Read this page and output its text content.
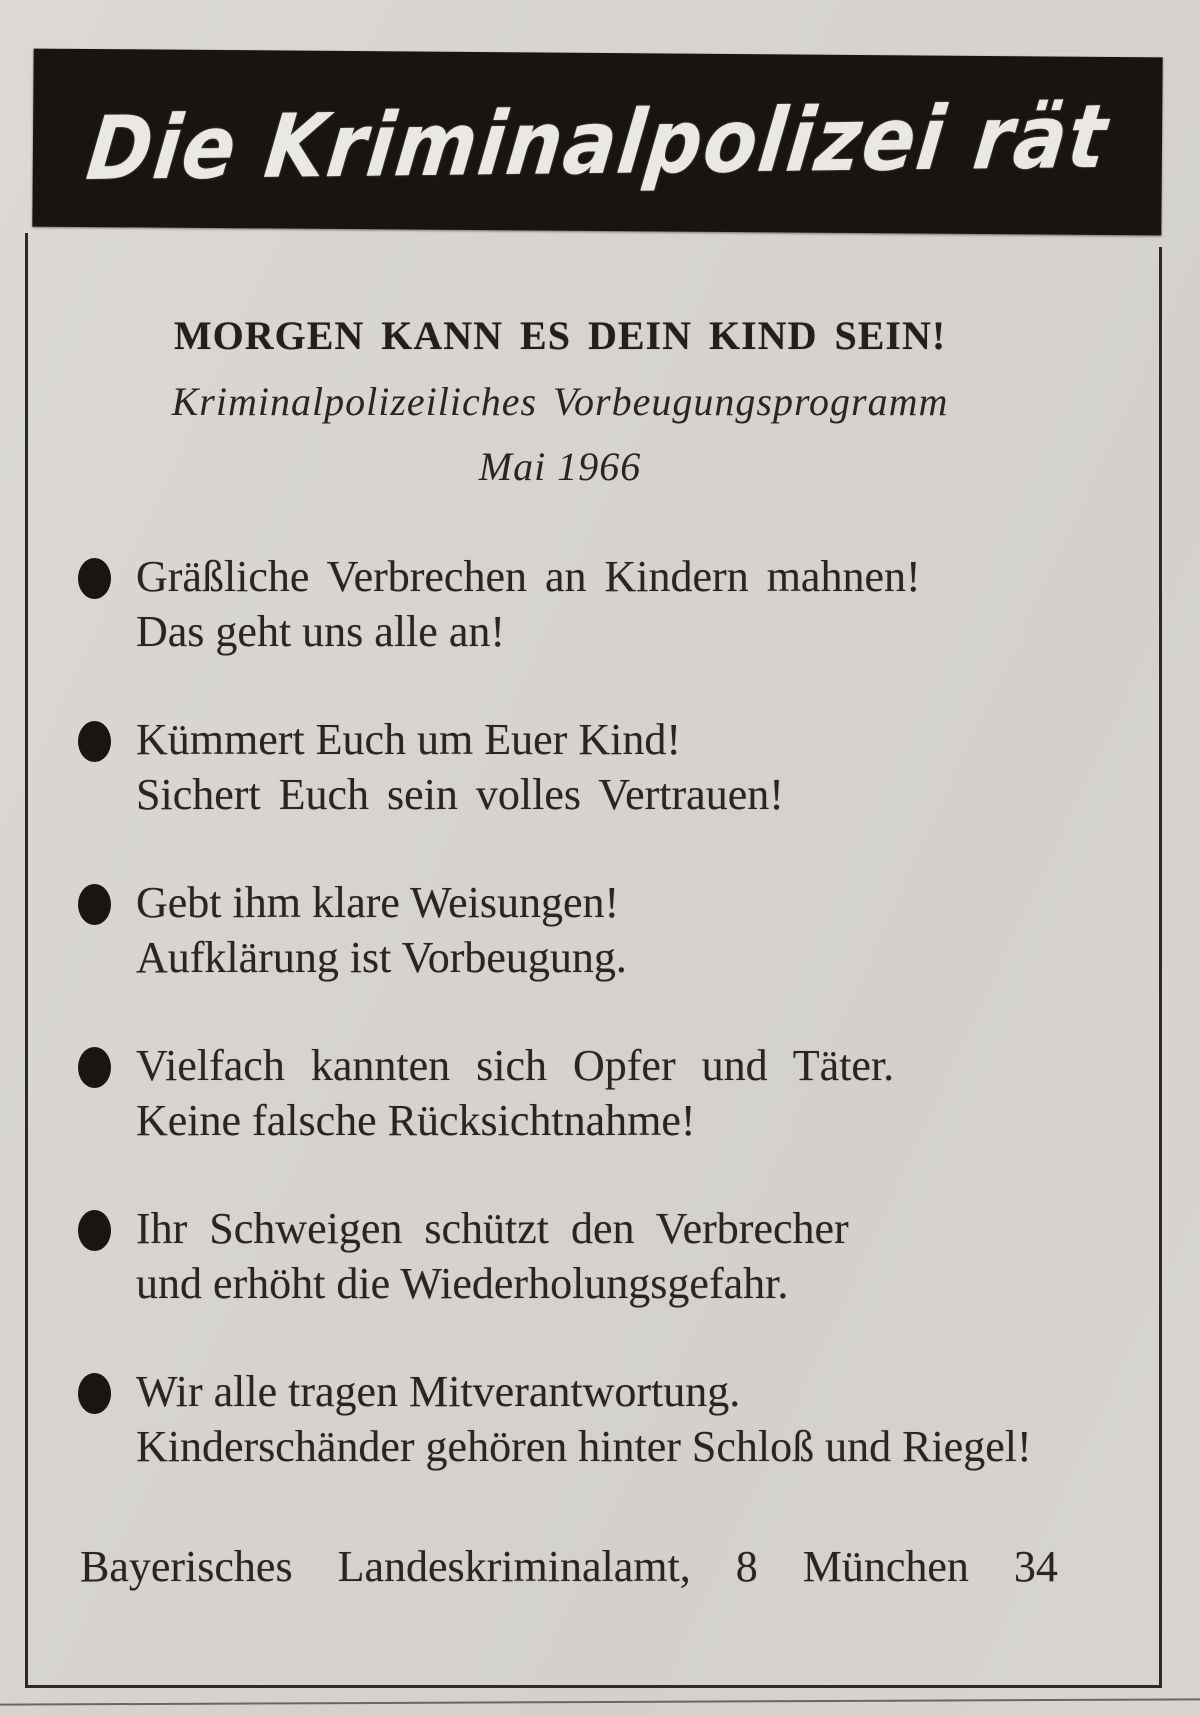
Die Kriminalpolizei rät
MORGEN KANN ES DEIN KIND SEIN!

Kriminalpolizeiliches Vorbeugungsprogramm

Mai 1966

Gräßliche Verbrechen an Kindern mahnen!
Das geht uns alle an!
Kümmert Euch um Euer Kind!
Sichert Euch sein volles Vertrauen!
Gebt ihm klare Weisungen!
Aufklärung ist Vorbeugung.
Vielfach kannten sich Opfer und Täter.
Keine falsche Rücksichtnahme!
Ihr Schweigen schützt den Verbrecher
und erhöht die Wiederholungsgefahr.
Wir alle tragen Mitverantwortung.
Kinderschänder gehören hinter Schloß und Riegel!

Bayerisches Landeskriminalamt, 8 München 34
